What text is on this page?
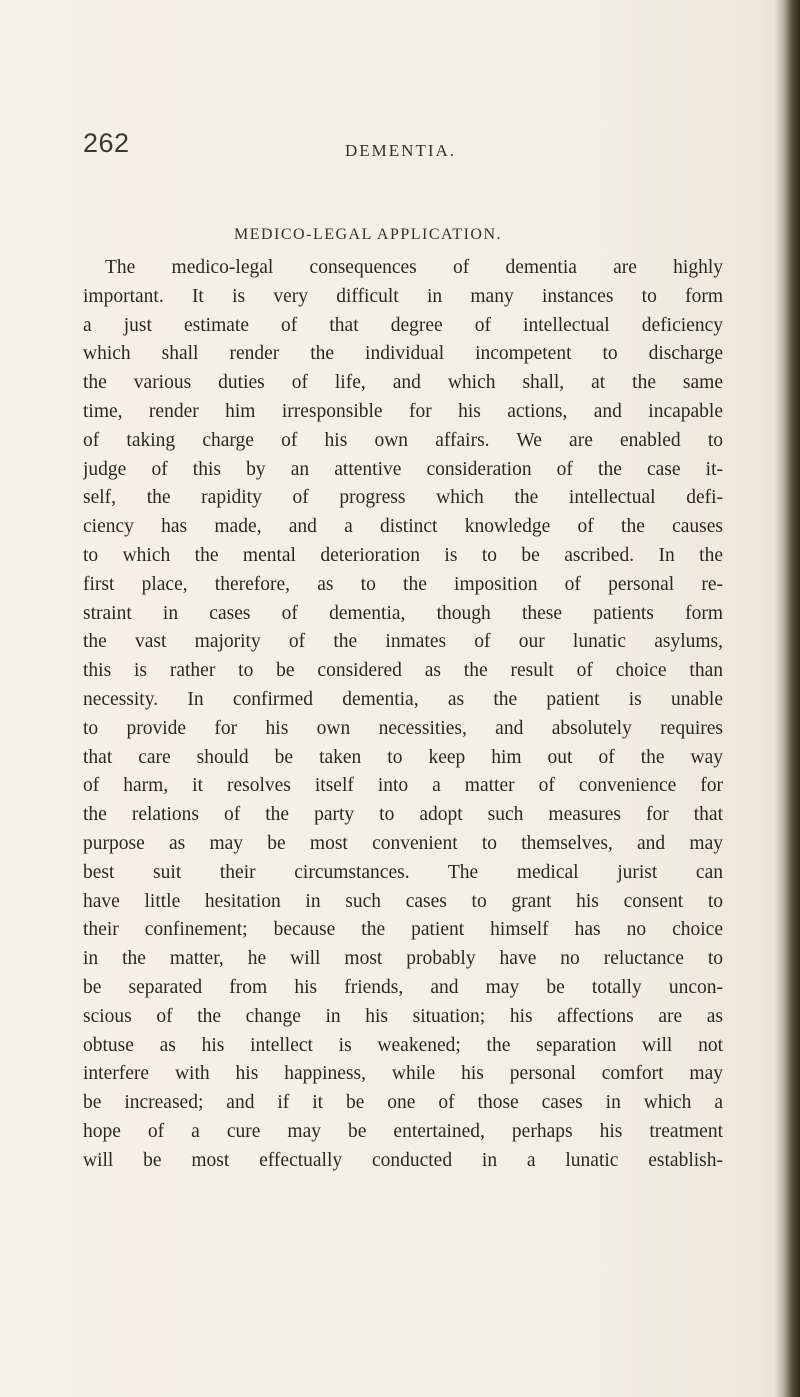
262	DEMENTIA.
MEDICO-LEGAL APPLICATION.
The medico-legal consequences of dementia are highly
important. It is very difficult in many instances to form
a just estimate of that degree of intellectual deficiency
which shall render the individual incompetent to discharge
the various duties of life, and which shall, at the same
time, render him irresponsible for his actions, and incapable
of taking charge of his own affairs. We are enabled to
judge of this by an attentive consideration of the case it-
self, the rapidity of progress which the intellectual defi-
ciency has made, and a distinct knowledge of the causes
to which the mental deterioration is to be ascribed. In the
first place, therefore, as to the imposition of personal re-
straint in cases of dementia, though these patients form
the vast majority of the inmates of our lunatic asylums,
this is rather to be considered as the result of choice than
necessity. In confirmed dementia, as the patient is unable
to provide for his own necessities, and absolutely requires
that care should be taken to keep him out of the way
of harm, it resolves itself into a matter of convenience for
the relations of the party to adopt such measures for that
purpose as may be most convenient to themselves, and may
best suit their circumstances. The medical jurist can
have little hesitation in such cases to grant his consent to
their confinement; because the patient himself has no choice
in the matter, he will most probably have no reluctance to
be separated from his friends, and may be totally uncon-
scious of the change in his situation; his affections are as
obtuse as his intellect is weakened; the separation will not
interfere with his happiness, while his personal comfort may
be increased; and if it be one of those cases in which a
hope of a cure may be entertained, perhaps his treatment
will be most effectually conducted in a lunatic establish-
